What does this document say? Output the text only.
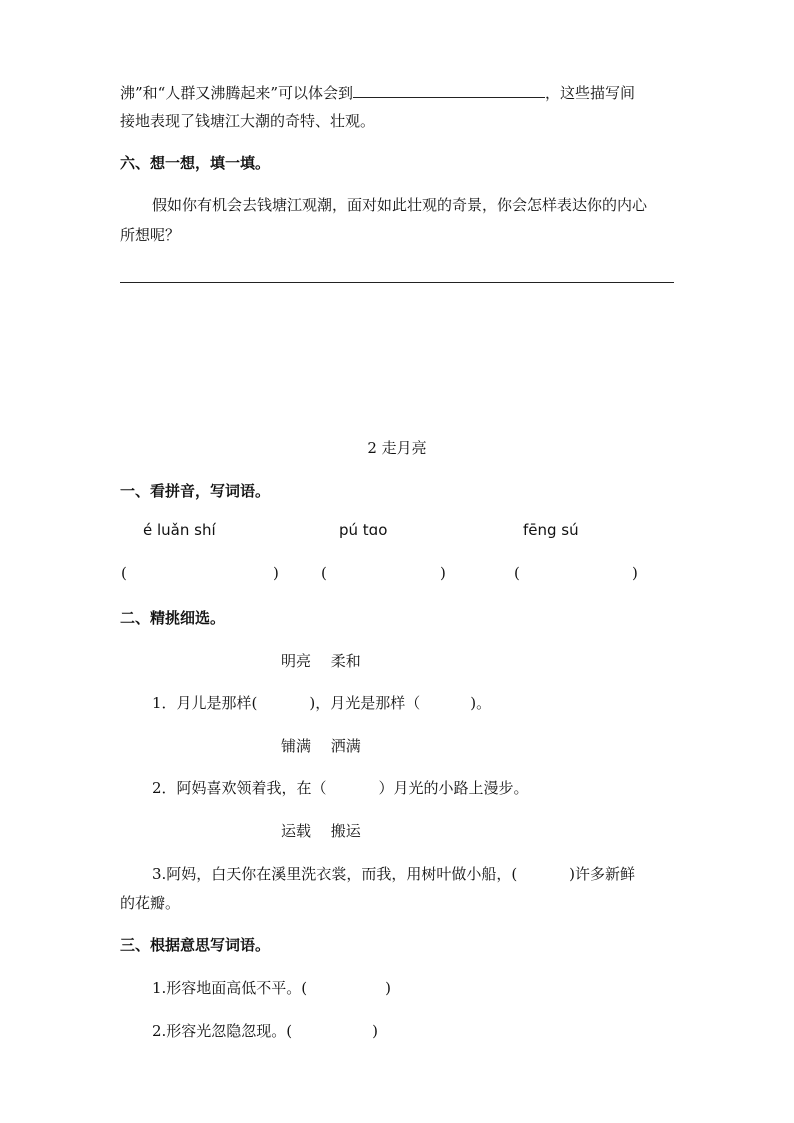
沸”和“人群又沸腾起来”可以体会到	，这些描写间
接地表现了钱塘江大潮的奇特、壮观。
六、想一想，填一填。
假如你有机会去钱塘江观潮，面对如此壮观的奇景，你会怎样表达你的内心
所想呢？
2 走月亮
一、看拼音，写词语。
é luǎn shí	pú tɑo	fēng sú
(	)	(	)	(	)
二、精挑细选。
明亮　 柔和
1．月儿是那样(	)，月光是那样（	)。
铺满　 洒满
2．阿妈喜欢领着我，在（	）月光的小路上漫步。
运载　 搬运
3.阿妈，白天你在溪里洗衣裳，而我，用树叶做小船，(	)许多新鲜
的花瓣。
三、根据意思写词语。
1.形容地面高低不平。(	)
2.形容光忽隐忽现。(	)
